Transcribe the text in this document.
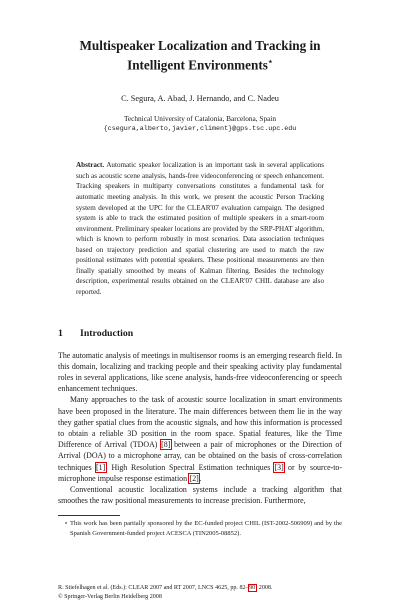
Multispeaker Localization and Tracking in
Intelligent Environments⋆
C. Segura, A. Abad, J. Hernando, and C. Nadeu
Technical University of Catalonia, Barcelona, Spain
{csegura,alberto,javier,climent}@gps.tsc.upc.edu
Abstract. Automatic speaker localization is an important task in several applications such as acoustic scene analysis, hands-free videoconferencing or speech enhancement. Tracking speakers in multiparty conversations constitutes a fundamental task for automatic meeting analysis. In this work, we present the acoustic Person Tracking system developed at the UPC for the CLEAR'07 evaluation campaign. The designed system is able to track the estimated position of multiple speakers in a smart-room environment. Preliminary speaker locations are provided by the SRP-PHAT algorithm, which is known to perform robustly in most scenarios. Data association techniques based on trajectory prediction and spatial clustering are used to match the raw positional estimates with potential speakers. These positional measurements are then finally spatially smoothed by means of Kalman filtering. Besides the technology description, experimental results obtained on the CLEAR'07 CHIL database are also reported.
1 Introduction

The automatic analysis of meetings in multisensor rooms is an emerging research field. In this domain, localizing and tracking people and their speaking activity play fundamental roles in several applications, like scene analysis, hands-free videoconferencing or speech enhancement techniques.

Many approaches to the task of acoustic source localization in smart environments have been proposed in the literature. The main differences between them lie in the way they gather spatial clues from the acoustic signals, and how this information is processed to obtain a reliable 3D position in the room space. Spatial features, like the Time Difference of Arrival (TDOA) [8] between a pair of microphones or the Direction of Arrival (DOA) to a microphone array, can be obtained on the basis of cross-correlation techniques [1], High Resolution Spectral Estimation techniques [3] or by source-to-microphone impulse response estimation [2].

Conventional acoustic localization systems include a tracking algorithm that smoothes the raw positional measurements to increase precision. Furthermore,

⋆ This work has been partially sponsored by the EC-funded project CHIL (IST-2002-506909) and by the Spanish Government-funded project ACESCA (TIN2005-08852).
R. Stiefelhagen et al. (Eds.): CLEAR 2007 and RT 2007, LNCS 4625, pp. 82–90, 2008.
© Springer-Verlag Berlin Heidelberg 2008
